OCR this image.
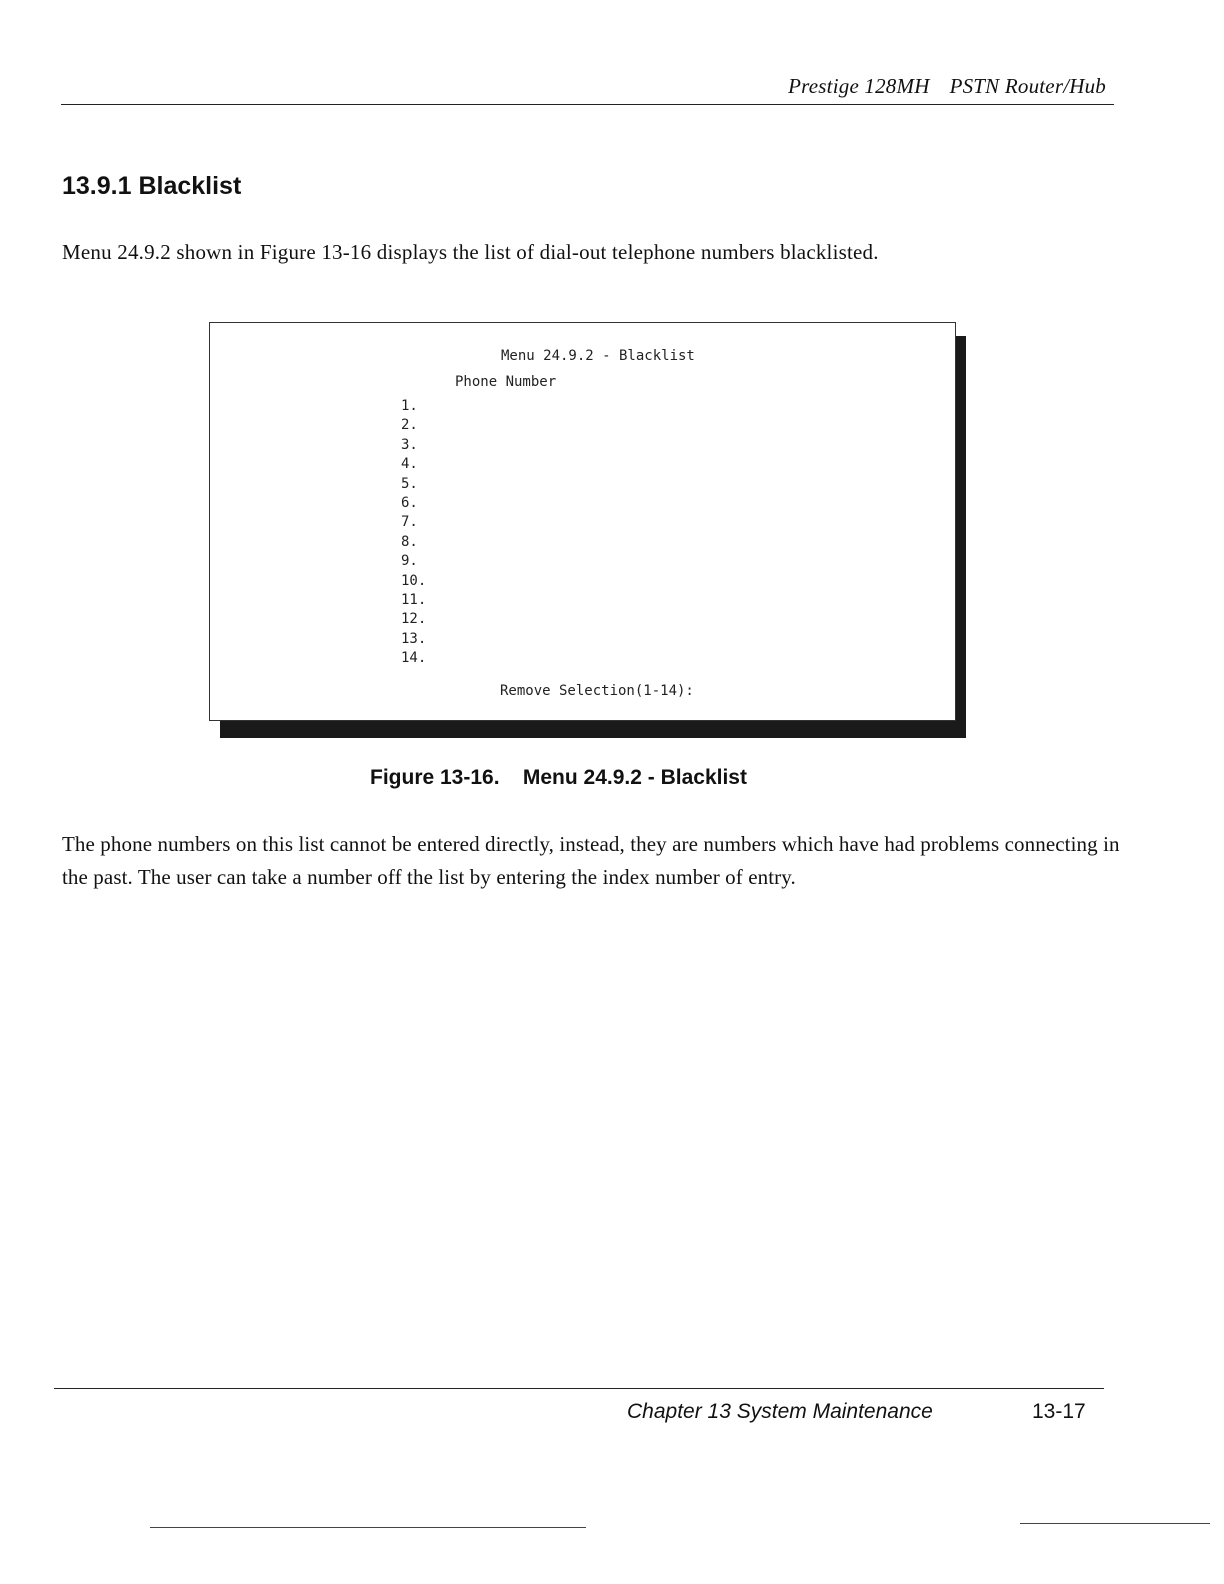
Prestige 128MH PSTN Router/Hub
13.9.1 Blacklist
Menu 24.9.2 shown in Figure 13-16 displays the list of dial-out telephone numbers blacklisted.
Menu 24.9.2 - Blacklist
Phone Number
1.
2.
3.
4.
5.
6.
7.
8.
9.
10.
11.
12.
13.
14.
Remove Selection(1-14):
Figure 13-16.    Menu 24.9.2 - Blacklist
The phone numbers on this list cannot be entered directly, instead, they are numbers which have had problems connecting in the past. The user can take a number off the list by entering the index number of entry.
Chapter 13 System Maintenance	13-17
